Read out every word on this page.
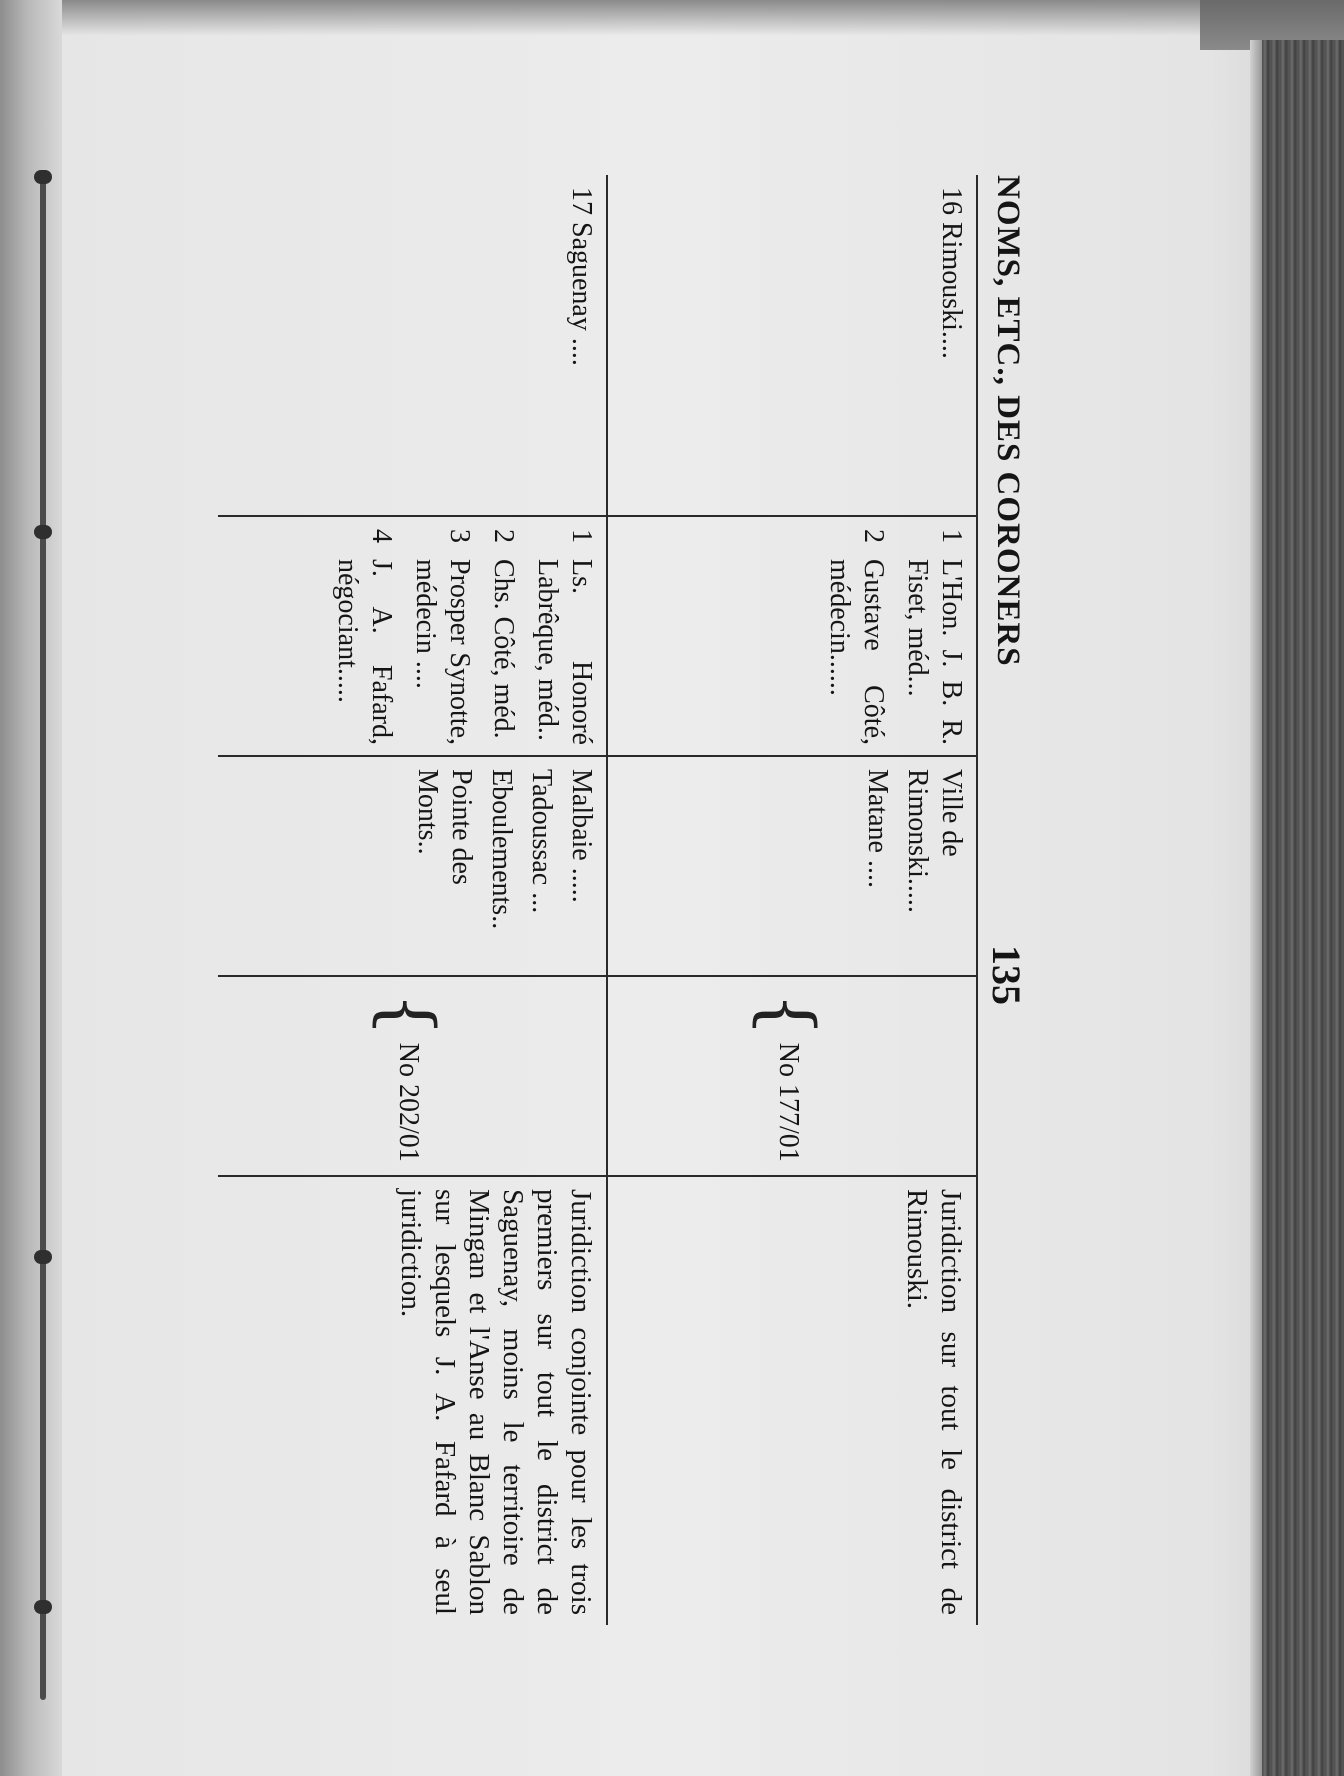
NOMS, ETC., DES CORONERS
135
16 Rimouski....
1
L'Hon. J. B. R. Fiset, méd...
2
Gustave Côté, médecin......
Ville de Rimonski.....
Matane ....
{
No 177/01
Juridiction sur tout le district de Rimouski.
17 Saguenay ....
1
Ls. Honoré Labrêque, méd..
2
Chs. Côté, méd.
3
Prosper Synotte, médecin ....
4
J. A. Fafard, négociant.....
Malbaie .....
Tadoussac ...
Eboulements..
Pointe des Monts..
{
No 202/01
Juridiction conjointe pour les trois premiers sur tout le district de Saguenay, moins le territoire de Mingan et l'Anse au Blanc Sablon sur lesquels J. A. Fafard à seul juridiction.
